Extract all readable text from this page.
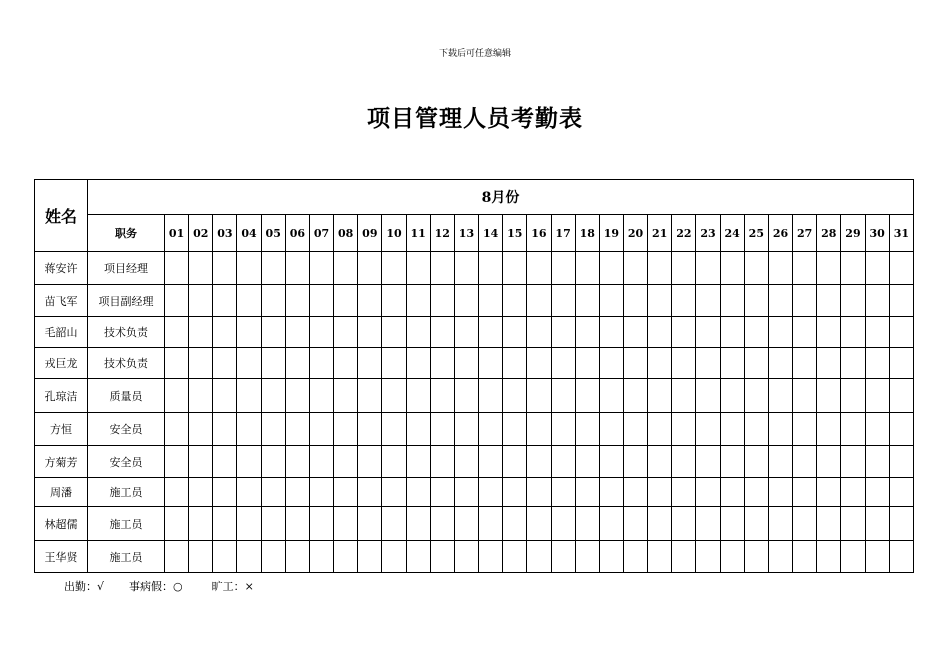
下载后可任意编辑
项目管理人员考勤表
姓名	8月份																															
	职务	01	02	03	04	05	06	07	08	09	10	11	12	13	14	15	16	17	18	19	20	21	22	23	24	25	26	27	28	29	30	31
蒋安许	项目经理																															
苗飞军	项目副经理																															
毛韶山	技术负责																															
戎巨龙	技术负责																															
孔琼洁	质量员																															
方恒	安全员																															
方菊芳	安全员																															
周潘	施工员																															
林超儒	施工员																															
王华贤	施工员																															
出勤：√ 事病假：○	旷工：×
